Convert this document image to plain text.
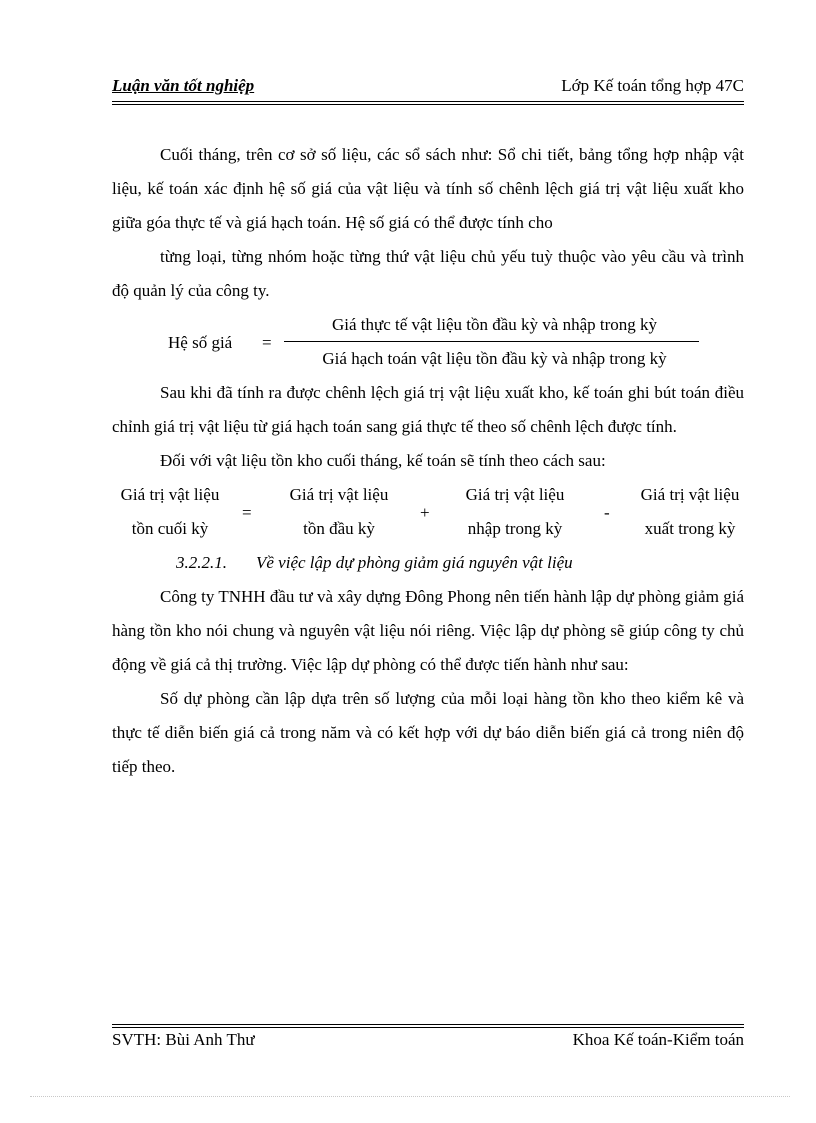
Luận văn tốt nghiệp	Lớp Kế toán tổng hợp 47C

Cuối tháng, trên cơ sở số liệu, các sổ sách như: Sổ chi tiết, bảng tổng hợp nhập vật liệu, kế toán xác định hệ số giá của vật liệu và tính số chênh lệch giá trị vật liệu xuất kho giữa góa thực tế và giá hạch toán. Hệ số giá có thể được tính cho

từng loại, từng nhóm hoặc từng thứ vật liệu chủ yếu tuỳ thuộc vào yêu cầu và trình độ quản lý của công ty.

Hệ số giá =
Giá thực tế vật liệu tồn đầu kỳ và nhập trong kỳ
Giá hạch toán vật liệu tồn đầu kỳ và nhập trong kỳ

Sau khi đã tính ra được chênh lệch giá trị vật liệu xuất kho, kế toán ghi bút toán điều chỉnh giá trị vật liệu từ giá hạch toán sang giá thực tế theo số chênh lệch được tính.

Đối với vật liệu tồn kho cuối tháng, kế toán sẽ tính theo cách sau:

Giá trị vật liệu
tồn cuối kỳ
=
Giá trị vật liệu
tồn đầu kỳ
+
Giá trị vật liệu
nhập trong kỳ
-
Giá trị vật liệu
xuất trong kỳ

3.2.2.1. Về việc lập dự phòng giảm giá nguyên vật liệu

Công ty TNHH đầu tư và xây dựng Đông Phong nên tiến hành lập dự phòng giảm giá hàng tồn kho nói chung và nguyên vật liệu nói riêng. Việc lập dự phòng sẽ giúp công ty chủ động về giá cả thị trường. Việc lập dự phòng có thể được tiến hành như sau:

Số dự phòng cần lập dựa trên số lượng của mỗi loại hàng tồn kho theo kiểm kê và thực tế diễn biến giá cả trong năm và có kết hợp với dự báo diễn biến giá cả trong niên độ tiếp theo.

SVTH: Bùi Anh Thư	Khoa Kế toán-Kiểm toán
